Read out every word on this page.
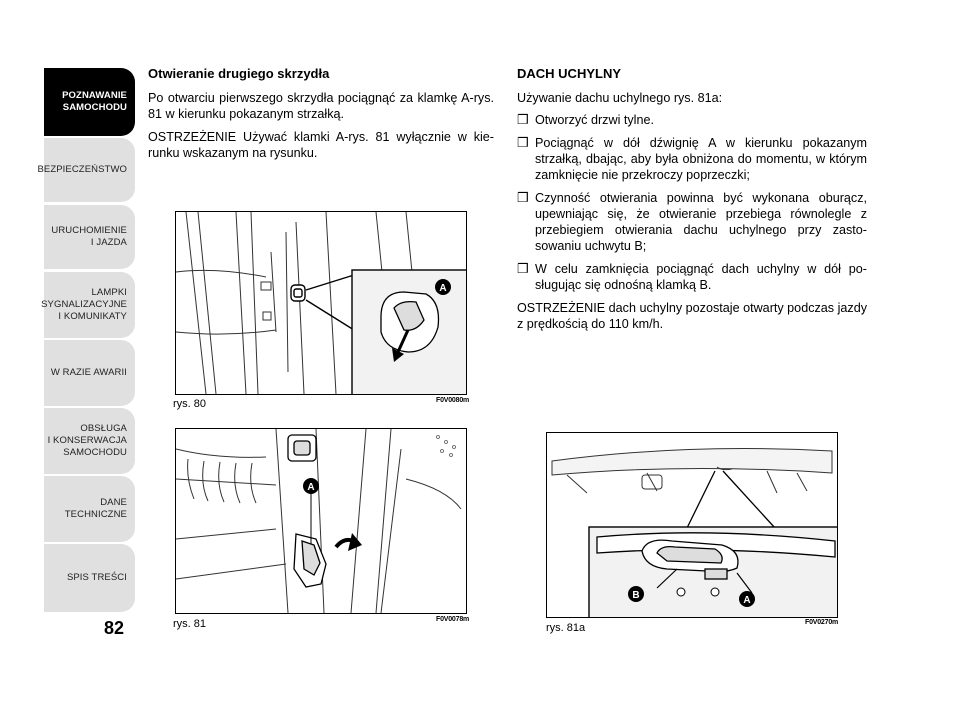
POZNAWANIE
SAMOCHODU
BEZPIECZEŃSTWO
URUCHOMIENIE
I JAZDA
LAMPKI
SYGNALIZACYJNE
I KOMUNIKATY
W RAZIE AWARII
OBSŁUGA
I KONSERWACJA
SAMOCHODU
DANE
TECHNICZNE
SPIS TREŚCI
82

Otwieranie drugiego skrzydła

Po otwarciu pierwszego skrzydła pociągnąć za klamkę A-rys. 81 w kierunku pokazanym strzałką.

OSTRZEŻENIE Używać klamki A-rys. 81 wyłącznie w kie-runku wskazanym na rysunku.

DACH UCHYLNY

Używanie dachu uchylnego rys. 81a:

❒ Otworzyć drzwi tylne.
❒ Pociągnąć w dół dźwignię A w kierunku pokazanym strzałką, dbając, aby była obniżona do momentu, w którym zamknięcie nie przekroczy poprzeczki;
❒ Czynność otwierania powinna być wykonana oburącz, upewniając się, że otwieranie przebiega równolegle z przebiegiem otwierania dachu uchylnego przy zasto-sowaniu uchwytu B;
❒ W celu zamknięcia pociągnąć dach uchylny w dół po-sługując się odnośną klamką B.

OSTRZEŻENIE dach uchylny pozostaje otwarty podczas jazdy z prędkością do 110 km/h.

A
rys. 80	F0V0080m
A
rys. 81	F0V0078m
B	A
rys. 81a	F0V0270m
